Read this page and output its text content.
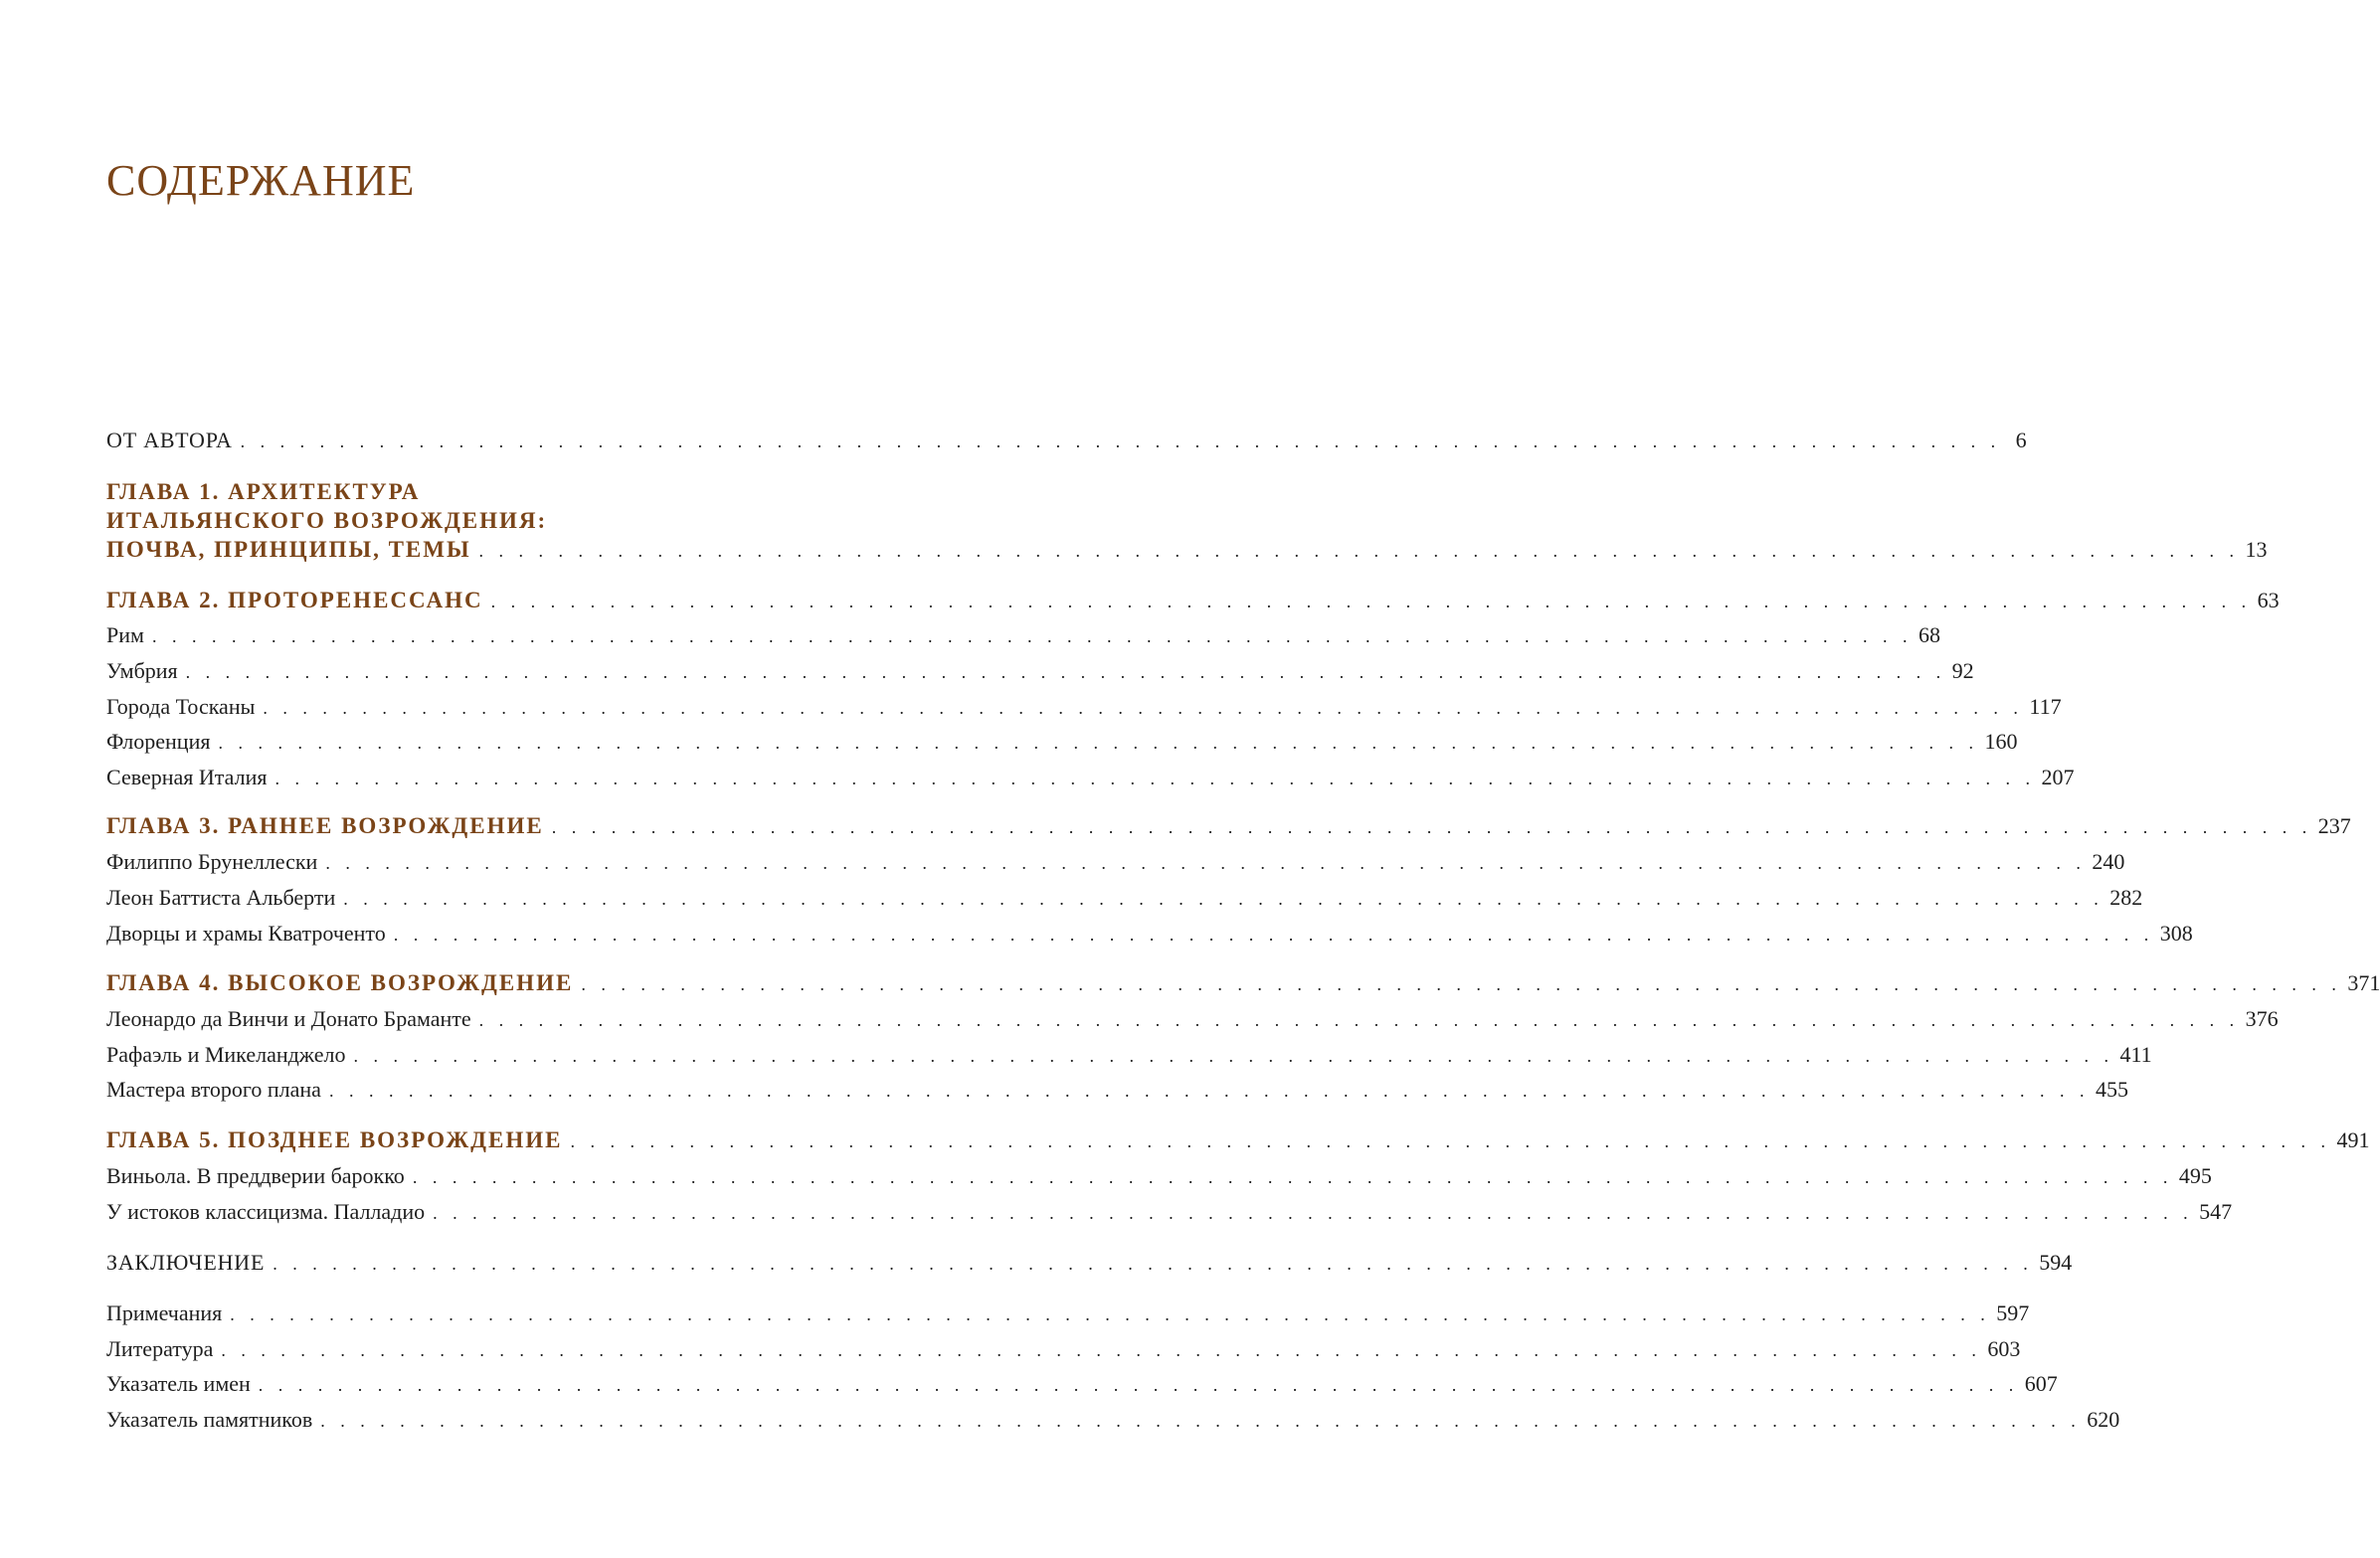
СОДЕРЖАНИЕ
ОТ АВТОРА . . . . . . . . . . . . . . . . . . . . . . . . . . . . . . . . . . . . . . . . . . . . . . . . . . . . . . . . . . . . . . . . . . . . . . . . . . . . . . . . . . . . . . . . . 6
ГЛАВА 1. АРХИТЕКТУРА
ИТАЛЬЯНСКОГО ВОЗРОЖДЕНИЯ:
ПОЧВА, ПРИНЦИПЫ, ТЕМЫ . . . . . . . . . . . . . . . . . . . . . . . . . . . . . . . . . . . . . . . . . . . . . . . . . . . . . . . . . . . . . . . . . . . . . . . . . . . . . . . . . . . . . . . . . 13
ГЛАВА 2. ПРОТОРЕНЕССАНС . . . . . . . . . . . . . . . . . . . . . . . . . . . . . . . . . . . . . . . . . . . . . . . . . . . . . . . . . . . . . . . . . . . . . . . . . . . . . . . . . . . . . . . . . 63
Рим . . . . . . . . . . . . . . . . . . . . . . . . . . . . . . . . . . . . . . . . . . . . . . . . . . . . . . . . . . . . . . . . . . . . . . . . . . . . . . . . . . . . . . . . . 68
Умбрия . . . . . . . . . . . . . . . . . . . . . . . . . . . . . . . . . . . . . . . . . . . . . . . . . . . . . . . . . . . . . . . . . . . . . . . . . . . . . . . . . . . . . . . . . 92
Города Тосканы . . . . . . . . . . . . . . . . . . . . . . . . . . . . . . . . . . . . . . . . . . . . . . . . . . . . . . . . . . . . . . . . . . . . . . . . . . . . . . . . . . . . . . . . . 117
Флоренция . . . . . . . . . . . . . . . . . . . . . . . . . . . . . . . . . . . . . . . . . . . . . . . . . . . . . . . . . . . . . . . . . . . . . . . . . . . . . . . . . . . . . . . . . 160
Северная Италия . . . . . . . . . . . . . . . . . . . . . . . . . . . . . . . . . . . . . . . . . . . . . . . . . . . . . . . . . . . . . . . . . . . . . . . . . . . . . . . . . . . . . . . . . 207
ГЛАВА 3. РАННЕЕ ВОЗРОЖДЕНИЕ . . . . . . . . . . . . . . . . . . . . . . . . . . . . . . . . . . . . . . . . . . . . . . . . . . . . . . . . . . . . . . . . . . . . . . . . . . . . . . . . . . . . . . . . . 237
Филиппо Брунеллески . . . . . . . . . . . . . . . . . . . . . . . . . . . . . . . . . . . . . . . . . . . . . . . . . . . . . . . . . . . . . . . . . . . . . . . . . . . . . . . . . . . . . . . . . 240
Леон Баттиста Альберти . . . . . . . . . . . . . . . . . . . . . . . . . . . . . . . . . . . . . . . . . . . . . . . . . . . . . . . . . . . . . . . . . . . . . . . . . . . . . . . . . . . . . . . . . 282
Дворцы и храмы Кватроченто . . . . . . . . . . . . . . . . . . . . . . . . . . . . . . . . . . . . . . . . . . . . . . . . . . . . . . . . . . . . . . . . . . . . . . . . . . . . . . . . . . . . . . . . . 308
ГЛАВА 4. ВЫСОКОЕ ВОЗРОЖДЕНИЕ . . . . . . . . . . . . . . . . . . . . . . . . . . . . . . . . . . . . . . . . . . . . . . . . . . . . . . . . . . . . . . . . . . . . . . . . . . . . . . . . . . . . . . . . . 371
Леонардо да Винчи и Донато Браманте . . . . . . . . . . . . . . . . . . . . . . . . . . . . . . . . . . . . . . . . . . . . . . . . . . . . . . . . . . . . . . . . . . . . . . . . . . . . . . . . . . . . . . . . . 376
Рафаэль и Микеланджело . . . . . . . . . . . . . . . . . . . . . . . . . . . . . . . . . . . . . . . . . . . . . . . . . . . . . . . . . . . . . . . . . . . . . . . . . . . . . . . . . . . . . . . . . 411
Мастера второго плана . . . . . . . . . . . . . . . . . . . . . . . . . . . . . . . . . . . . . . . . . . . . . . . . . . . . . . . . . . . . . . . . . . . . . . . . . . . . . . . . . . . . . . . . . 455
ГЛАВА 5. ПОЗДНЕЕ ВОЗРОЖДЕНИЕ . . . . . . . . . . . . . . . . . . . . . . . . . . . . . . . . . . . . . . . . . . . . . . . . . . . . . . . . . . . . . . . . . . . . . . . . . . . . . . . . . . . . . . . . . 491
Виньола. В преддверии барокко . . . . . . . . . . . . . . . . . . . . . . . . . . . . . . . . . . . . . . . . . . . . . . . . . . . . . . . . . . . . . . . . . . . . . . . . . . . . . . . . . . . . . . . . . 495
У истоков классицизма. Палладио . . . . . . . . . . . . . . . . . . . . . . . . . . . . . . . . . . . . . . . . . . . . . . . . . . . . . . . . . . . . . . . . . . . . . . . . . . . . . . . . . . . . . . . . . 547
ЗАКЛЮЧЕНИЕ . . . . . . . . . . . . . . . . . . . . . . . . . . . . . . . . . . . . . . . . . . . . . . . . . . . . . . . . . . . . . . . . . . . . . . . . . . . . . . . . . . . . . . . . . 594
Примечания . . . . . . . . . . . . . . . . . . . . . . . . . . . . . . . . . . . . . . . . . . . . . . . . . . . . . . . . . . . . . . . . . . . . . . . . . . . . . . . . . . . . . . . . . 597
Литература . . . . . . . . . . . . . . . . . . . . . . . . . . . . . . . . . . . . . . . . . . . . . . . . . . . . . . . . . . . . . . . . . . . . . . . . . . . . . . . . . . . . . . . . . 603
Указатель имен . . . . . . . . . . . . . . . . . . . . . . . . . . . . . . . . . . . . . . . . . . . . . . . . . . . . . . . . . . . . . . . . . . . . . . . . . . . . . . . . . . . . . . . . . 607
Указатель памятников . . . . . . . . . . . . . . . . . . . . . . . . . . . . . . . . . . . . . . . . . . . . . . . . . . . . . . . . . . . . . . . . . . . . . . . . . . . . . . . . . . . . . . . . . 620
